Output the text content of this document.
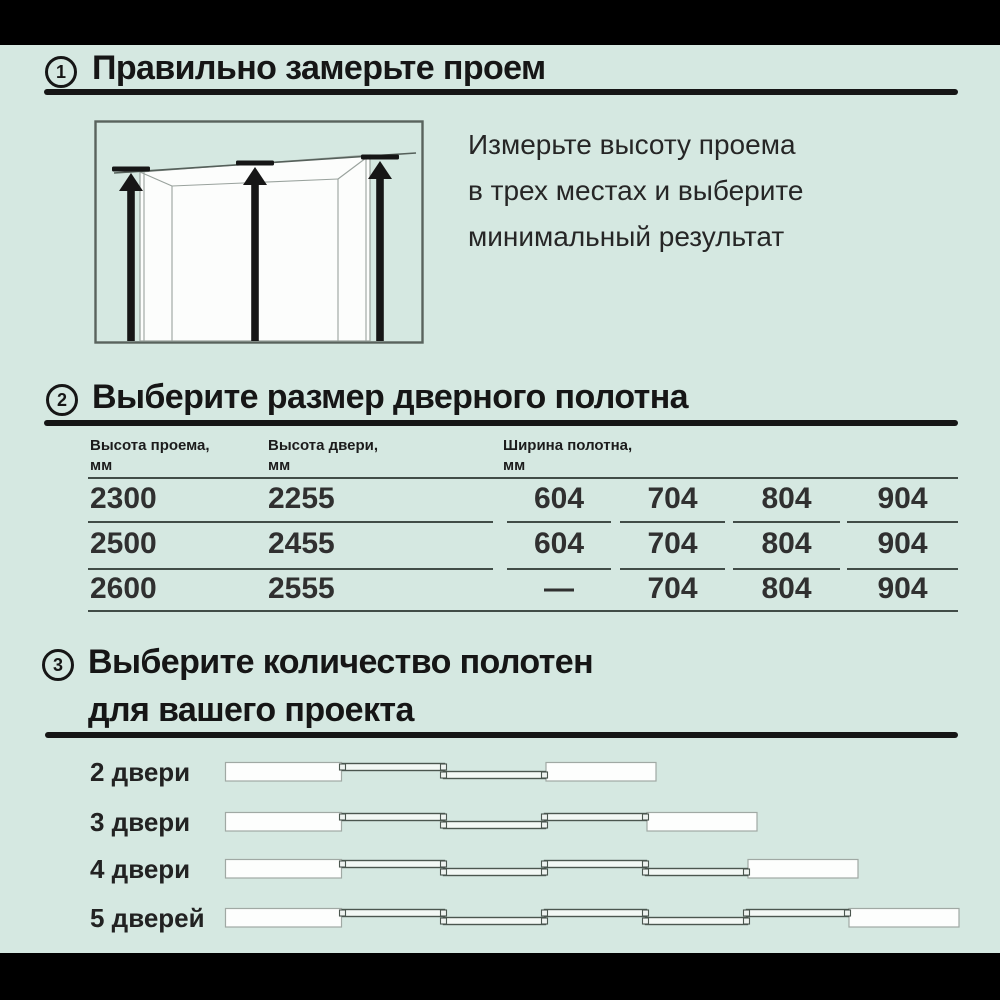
1 Правильно замерьте проем
Измерьте высоту проема
в трех местах и выберите
минимальный результат
2 Выберите размер дверного полотна
Высота проема,
мм
Высота двери,
мм
Ширина полотна,
мм
2300	2255	604	704	804	904
2500	2455	604	704	804	904
2600	2555	—	704	804	904
3 Выберите количество полотен
для вашего проекта
2 двери
3 двери
4 двери
5 дверей
